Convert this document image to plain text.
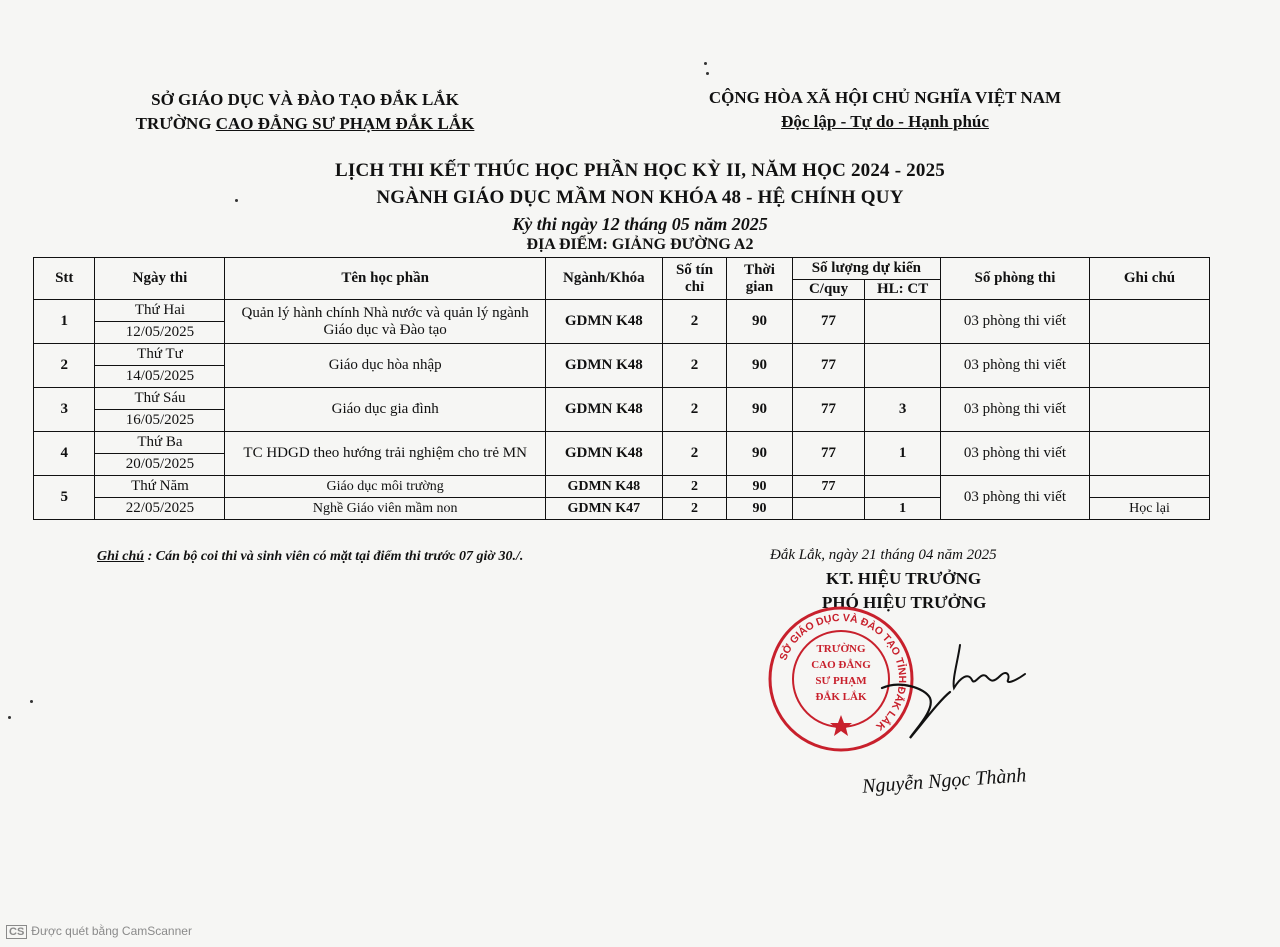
SỞ GIÁO DỤC VÀ ĐÀO TẠO ĐẮK LẮK
TRƯỜNG CAO ĐẲNG SƯ PHẠM ĐẮK LẮK
CỘNG HÒA XÃ HỘI CHỦ NGHĨA VIỆT NAM
Độc lập - Tự do - Hạnh phúc
LỊCH THI KẾT THÚC HỌC PHẦN HỌC KỲ II, NĂM HỌC 2024 - 2025
NGÀNH GIÁO DỤC MẦM NON KHÓA 48 - HỆ CHÍNH QUY
Kỳ thi ngày 12 tháng 05 năm 2025
ĐỊA ĐIỂM: GIẢNG ĐƯỜNG A2
Stt	Ngày thi	Tên học phần	Ngành/Khóa	Số tín chỉ	Thời gian	Số lượng dự kiến		Số phòng thi	Ghi chú
						C/quy	HL: CT		
1	Thứ Hai	Quản lý hành chính Nhà nước và quản lý ngành Giáo dục và Đào tạo	GDMN K48	2	90	77		03 phòng thi viết	
	12/05/2025								
2	Thứ Tư	Giáo dục hòa nhập	GDMN K48	2	90	77		03 phòng thi viết	
	14/05/2025								
3	Thứ Sáu	Giáo dục gia đình	GDMN K48	2	90	77	3	03 phòng thi viết	
	16/05/2025								
4	Thứ Ba	TC HDGD theo hướng trải nghiệm cho trẻ MN	GDMN K48	2	90	77	1	03 phòng thi viết	
	20/05/2025								
5	Thứ Năm	Giáo dục môi trường	GDMN K48	2	90	77		03 phòng thi viết	
	22/05/2025	Nghề Giáo viên mầm non	GDMN K47	2	90		1		Học lại
Ghi chú : Cán bộ coi thi và sinh viên có mặt tại điểm thi trước 07 giờ 30./.	Đắk Lắk, ngày 21 tháng 04 năm 2025
KT. HIỆU TRƯỞNG
PHÓ HIỆU TRƯỞNG
SỞ GIÁO DỤC VÀ ĐÀO TẠO TỈNH ĐẮK LẮK
TRƯỜNG
CAO ĐẲNG
SƯ PHẠM
ĐẮK LẮK
Nguyễn Ngọc Thành
CS Được quét bằng CamScanner
